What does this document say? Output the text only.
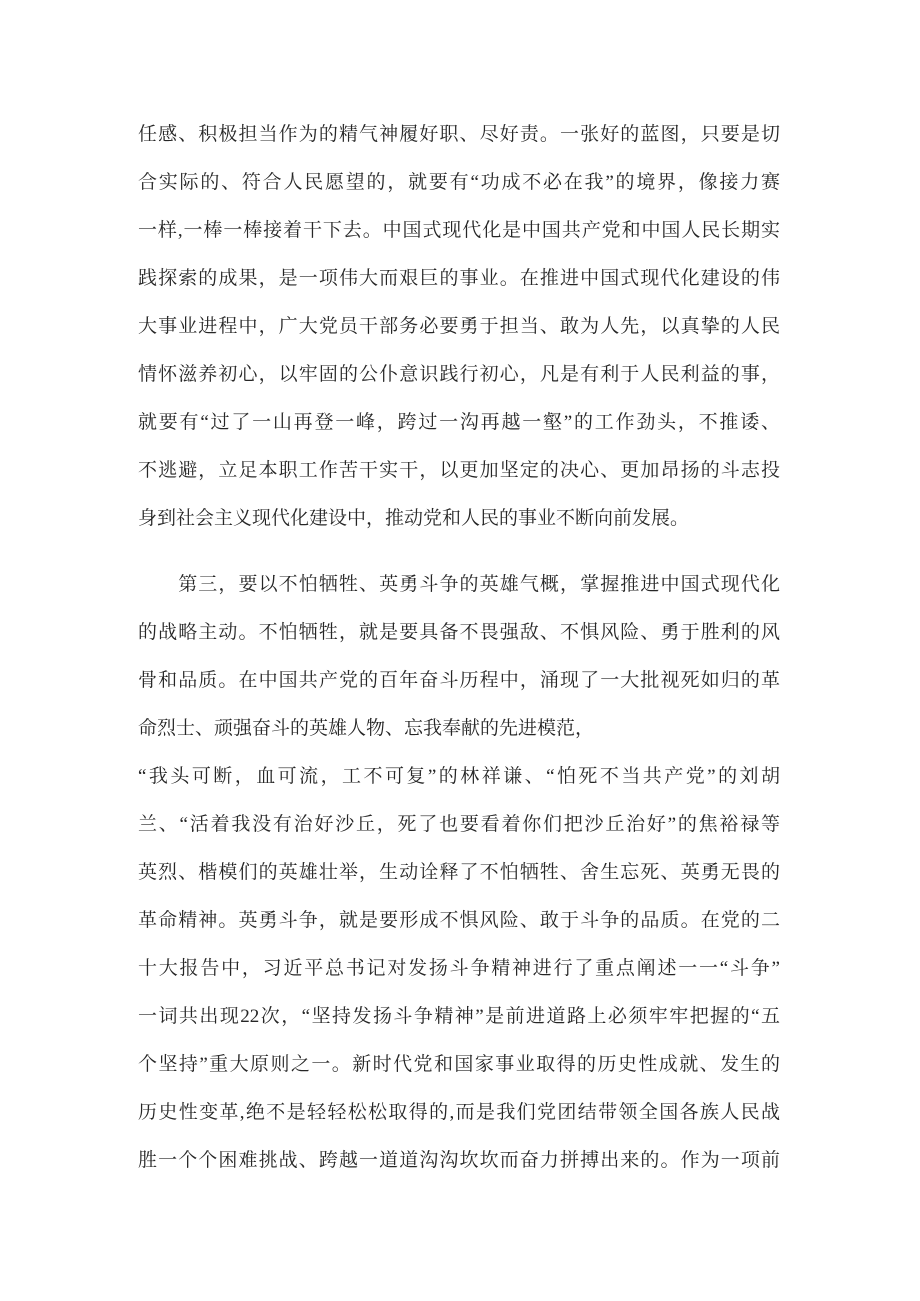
任感、积极担当作为的精气神履好职、尽好责。一张好的蓝图，只要是切
合实际的、符合人民愿望的，就要有“功成不必在我”的境界，像接力赛
一样,一棒一棒接着干下去。中国式现代化是中国共产党和中国人民长期实
践探索的成果，是一项伟大而艰巨的事业。在推进中国式现代化建设的伟
大事业进程中，广大党员干部务必要勇于担当、敢为人先，以真挚的人民
情怀滋养初心，以牢固的公仆意识践行初心，凡是有利于人民利益的事，
就要有“过了一山再登一峰，跨过一沟再越一壑”的工作劲头，不推诿、
不逃避，立足本职工作苦干实干，以更加坚定的决心、更加昂扬的斗志投
身到社会主义现代化建设中，推动党和人民的事业不断向前发展。
　　第三，要以不怕牺牲、英勇斗争的英雄气概，掌握推进中国式现代化
的战略主动。不怕牺牲，就是要具备不畏强敌、不惧风险、勇于胜利的风
骨和品质。在中国共产党的百年奋斗历程中，涌现了一大批视死如归的革
命烈士、顽强奋斗的英雄人物、忘我奉献的先进模范，
“我头可断，血可流，工不可复”的林祥谦、“怕死不当共产党”的刘胡
兰、“活着我没有治好沙丘，死了也要看着你们把沙丘治好”的焦裕禄等
英烈、楷模们的英雄壮举，生动诠释了不怕牺牲、舍生忘死、英勇无畏的
革命精神。英勇斗争，就是要形成不惧风险、敢于斗争的品质。在党的二
十大报告中，习近平总书记对发扬斗争精神进行了重点阐述一一“斗争”
一词共出现22次，“坚持发扬斗争精神”是前进道路上必须牢牢把握的“五
个坚持”重大原则之一。新时代党和国家事业取得的历史性成就、发生的
历史性变革,绝不是轻轻松松取得的,而是我们党团结带领全国各族人民战
胜一个个困难挑战、跨越一道道沟沟坎坎而奋力拼搏出来的。作为一项前
